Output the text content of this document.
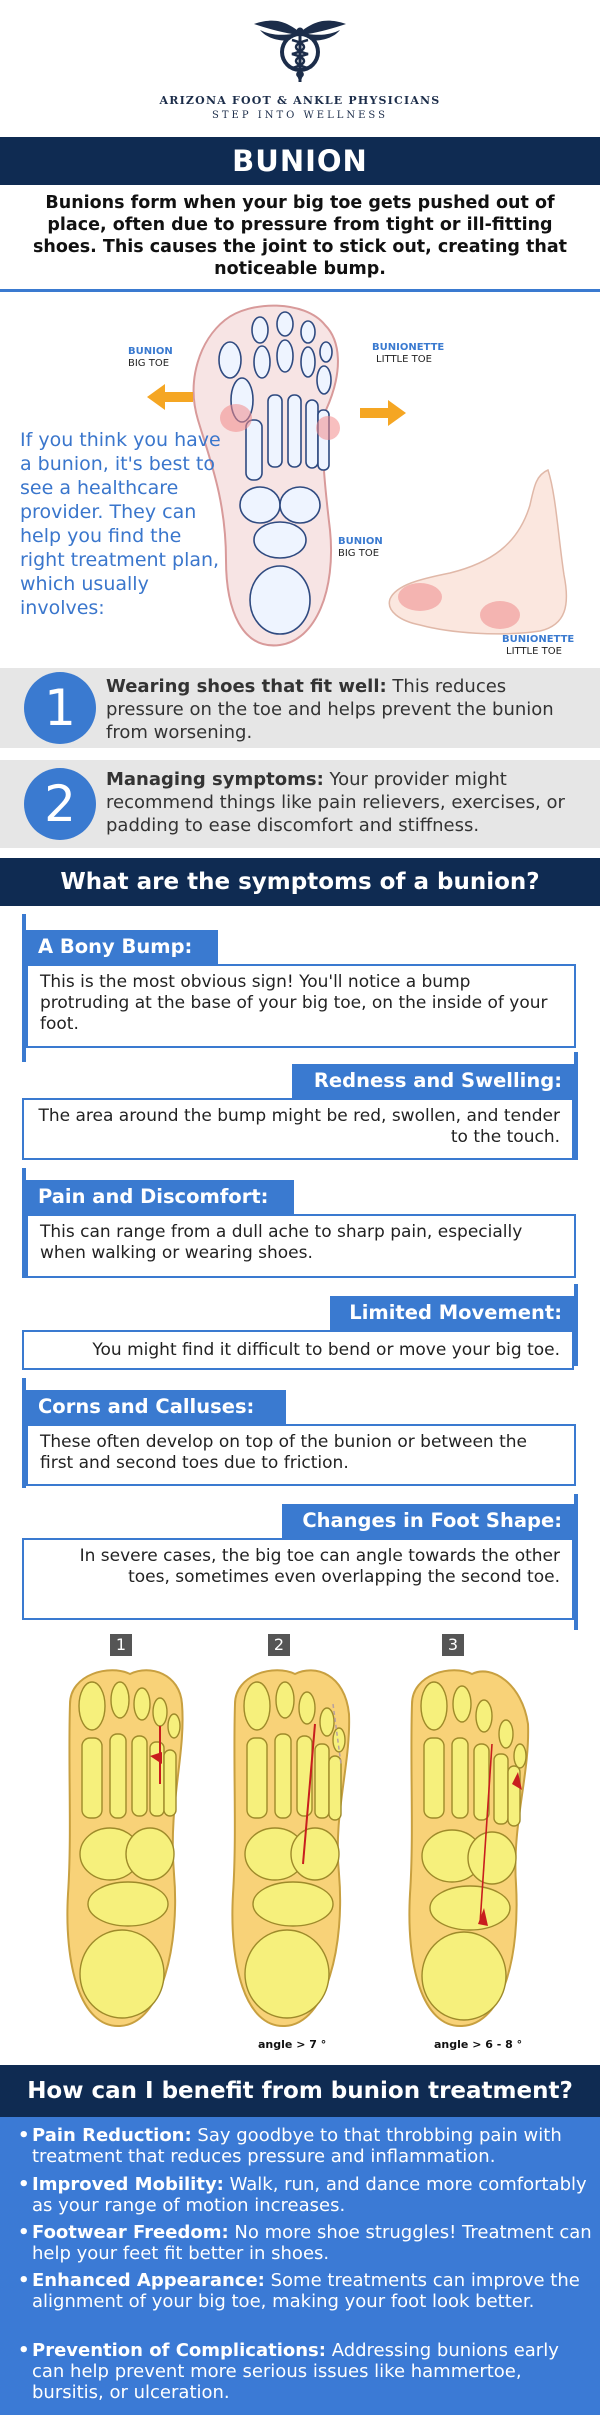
ARIZONA FOOT & ANKLE PHYSICIANS
STEP INTO WELLNESS
BUNION
Bunions form when your big toe gets pushed out of place, often due to pressure from tight or ill-fitting shoes. This causes the joint to stick out, creating that noticeable bump.
BUNION
BIG TOE
BUNIONETTE
LITTLE TOE
BUNION
BIG TOE
BUNIONETTE
LITTLE TOE
If you think you have a bunion, it's best to see a healthcare provider. They can help you find the right treatment plan, which usually involves:
1	Wearing shoes that fit well: This reduces pressure on the toe and helps prevent the bunion from worsening.
2	Managing symptoms: Your provider might recommend things like pain relievers, exercises, or padding to ease discomfort and stiffness.
What are the symptoms of a bunion?
A Bony Bump:
This is the most obvious sign! You'll notice a bump protruding at the base of your big toe, on the inside of your foot.
Redness and Swelling:
The area around the bump might be red, swollen, and tender to the touch.
Pain and Discomfort:
This can range from a dull ache to sharp pain, especially when walking or wearing shoes.
Limited Movement:
You might find it difficult to bend or move your big toe.
Corns and Calluses:
These often develop on top of the bunion or between the first and second toes due to friction.
Changes in Foot Shape:
In severe cases, the big toe can angle towards the other toes, sometimes even overlapping the second toe.
1	2	3
angle > 7 °	angle > 6 - 8 °
How can I benefit from bunion treatment?
• Pain Reduction: Say goodbye to that throbbing pain with treatment that reduces pressure and inflammation.
• Improved Mobility: Walk, run, and dance more comfortably as your range of motion increases.
• Footwear Freedom: No more shoe struggles! Treatment can help your feet fit better in shoes.
• Enhanced Appearance: Some treatments can improve the alignment of your big toe, making your foot look better.
• Prevention of Complications: Addressing bunions early can help prevent more serious issues like hammertoe, bursitis, or ulceration.
